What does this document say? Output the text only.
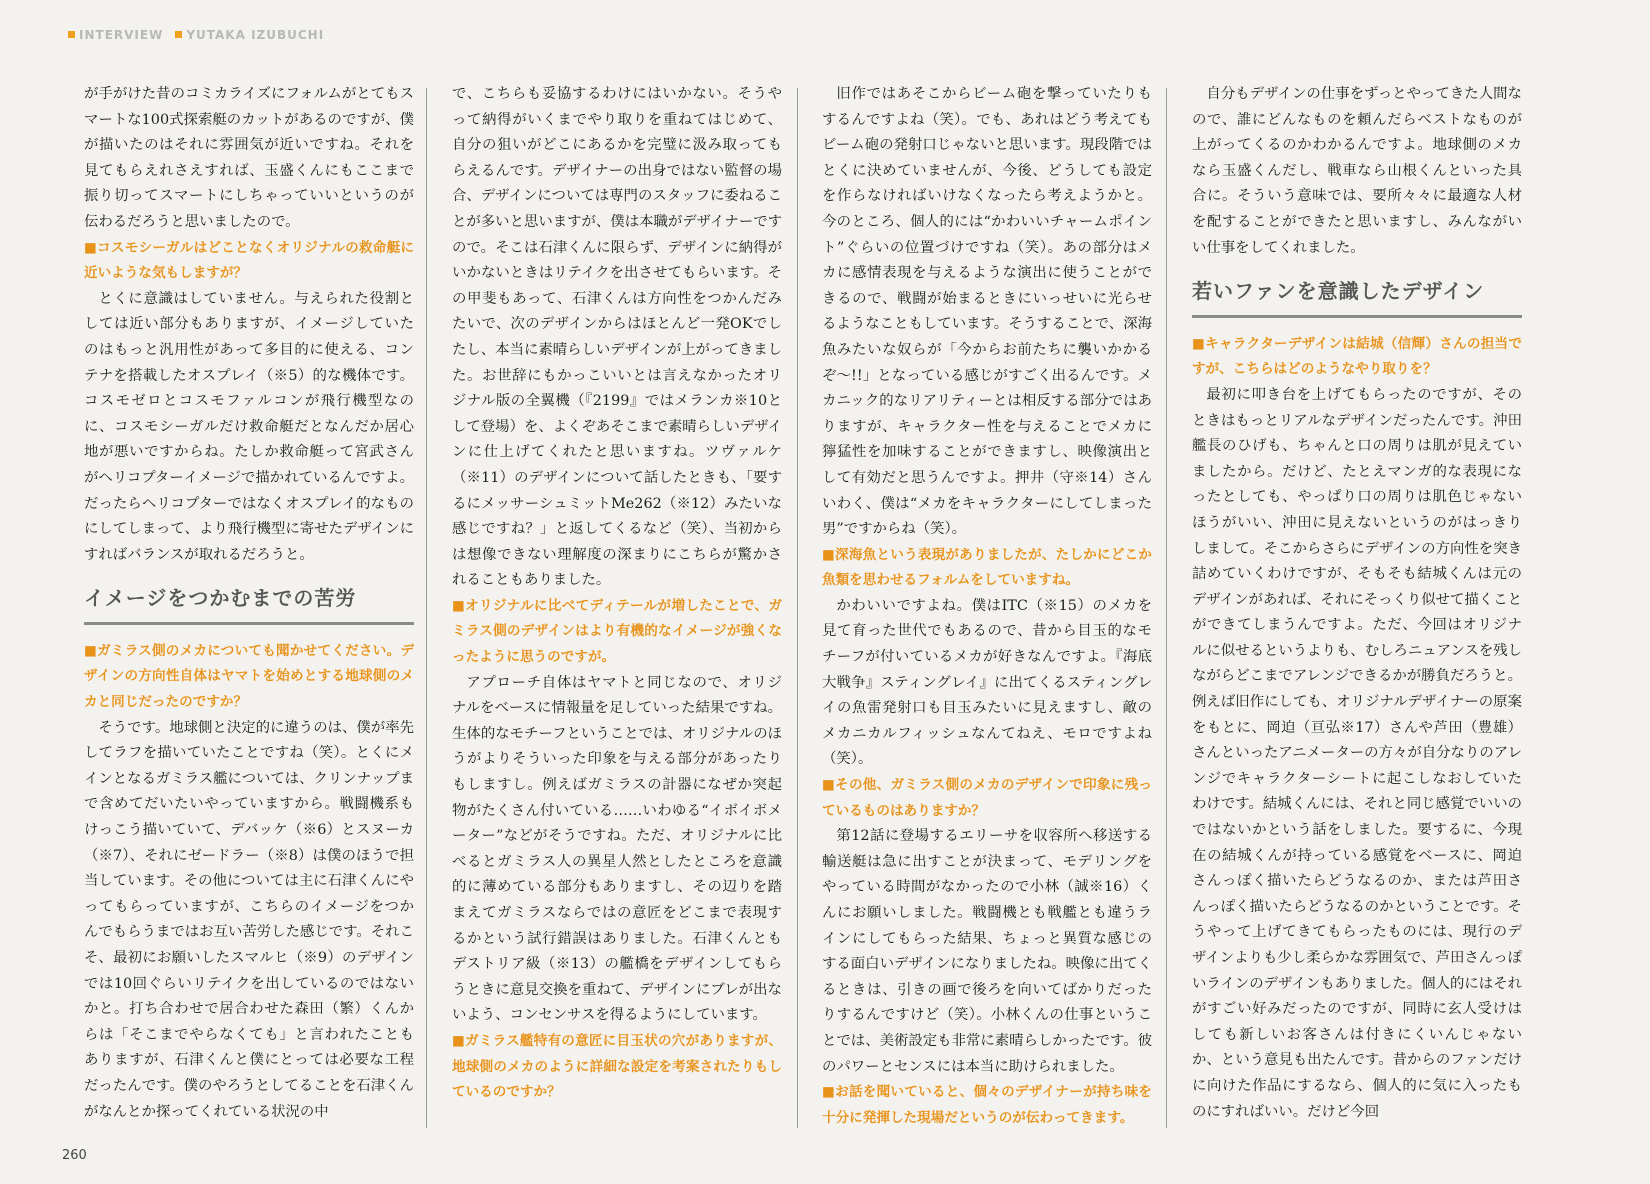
INTERVIEW YUTAKA IZUBUCHI

が手がけた昔のコミカライズにフォルムがとてもスマートな100式探索艇のカットがあるのですが、僕が描いたのはそれに雰囲気が近いですね。それを見てもらえれさえすれば、玉盛くんにもここまで振り切ってスマートにしちゃっていいというのが伝わるだろうと思いましたので。

■ コスモシーガルはどことなくオリジナルの救命艇に近いような気もしますが？

とくに意識はしていません。与えられた役割としては近い部分もありますが、イメージしていたのはもっと汎用性があって多目的に使える、コンテナを搭載したオスプレイ（※5）的な機体です。コスモゼロとコスモファルコンが飛行機型なのに、コスモシーガルだけ救命艇だとなんだか居心地が悪いですからね。たしか救命艇って宮武さんがヘリコプターイメージで描かれているんですよ。だったらヘリコプターではなくオスプレイ的なものにしてしまって、より飛行機型に寄せたデザインにすればバランスが取れるだろうと。

イメージをつかむまでの苦労

■ ガミラス側のメカについても聞かせてください。デザインの方向性自体はヤマトを始めとする地球側のメカと同じだったのですか？

そうです。地球側と決定的に違うのは、僕が率先してラフを描いていたことですね（笑）。とくにメインとなるガミラス艦については、クリンナップまで含めてだいたいやっていますから。戦闘機系もけっこう描いていて、デバッケ（※6）とスヌーカ（※7）、それにゼードラー（※8）は僕のほうで担当しています。その他については主に石津くんにやってもらっていますが、こちらのイメージをつかんでもらうまではお互い苦労した感じです。それこそ、最初にお願いしたスマルヒ（※9）のデザインでは10回ぐらいリテイクを出しているのではないかと。打ち合わせで居合わせた森田（繁）くんからは「そこまでやらなくても」と言われたこともありますが、石津くんと僕にとっては必要な工程だったんです。僕のやろうとしてることを石津くんがなんとか探ってくれている状況の中

で、こちらも妥協するわけにはいかない。そうやって納得がいくまでやり取りを重ねてはじめて、自分の狙いがどこにあるかを完璧に汲み取ってもらえるんです。デザイナーの出身ではない監督の場合、デザインについては専門のスタッフに委ねることが多いと思いますが、僕は本職がデザイナーですので。そこは石津くんに限らず、デザインに納得がいかないときはリテイクを出させてもらいます。その甲斐もあって、石津くんは方向性をつかんだみたいで、次のデザインからはほとんど一発OKでしたし、本当に素晴らしいデザインが上がってきました。お世辞にもかっこいいとは言えなかったオリジナル版の全翼機（『2199』ではメランカ※10として登場）を、よくぞあそこまで素晴らしいデザインに仕上げてくれたと思いますね。ツヴァルケ（※11）のデザインについて話したときも、「要するにメッサーシュミットMe262（※12）みたいな感じですね？」と返してくるなど（笑）、当初からは想像できない理解度の深まりにこちらが驚かされることもありました。

■ オリジナルに比べてディテールが増したことで、ガミラス側のデザインはより有機的なイメージが強くなったように思うのですが。

アプローチ自体はヤマトと同じなので、オリジナルをベースに情報量を足していった結果ですね。生体的なモチーフということでは、オリジナルのほうがよりそういった印象を与える部分があったりもしますし。例えばガミラスの計器になぜか突起物がたくさん付いている……いわゆる“イボイボメーター”などがそうですね。ただ、オリジナルに比べるとガミラス人の異星人然としたところを意識的に薄めている部分もありますし、その辺りを踏まえてガミラスならではの意匠をどこまで表現するかという試行錯誤はありました。石津くんともデストリア級（※13）の艦橋をデザインしてもらうときに意見交換を重ねて、デザインにブレが出ないよう、コンセンサスを得るようにしています。

■ ガミラス艦特有の意匠に目玉状の穴がありますが、地球側のメカのように詳細な設定を考案されたりもしているのですか？

旧作ではあそこからビーム砲を撃っていたりもするんですよね（笑）。でも、あれはどう考えてもビーム砲の発射口じゃないと思います。現段階ではとくに決めていませんが、今後、どうしても設定を作らなければいけなくなったら考えようかと。今のところ、個人的には“かわいいチャームポイント”ぐらいの位置づけですね（笑）。あの部分はメカに感情表現を与えるような演出に使うことができるので、戦闘が始まるときにいっせいに光らせるようなこともしています。そうすることで、深海魚みたいな奴らが「今からお前たちに襲いかかるぞ〜!!」となっている感じがすごく出るんです。メカニック的なリアリティーとは相反する部分ではありますが、キャラクター性を与えることでメカに獰猛性を加味することができますし、映像演出として有効だと思うんですよ。押井（守※14）さんいわく、僕は“メカをキャラクターにしてしまった男”ですからね（笑）。

■ 深海魚という表現がありましたが、たしかにどこか魚類を思わせるフォルムをしていますね。

かわいいですよね。僕はITC（※15）のメカを見て育った世代でもあるので、昔から目玉的なモチーフが付いているメカが好きなんですよ。『海底大戦争』スティングレイ』に出てくるスティングレイの魚雷発射口も目玉みたいに見えますし、敵のメカニカルフィッシュなんてねえ、モロですよね（笑）。

■ その他、ガミラス側のメカのデザインで印象に残っているものはありますか？

第12話に登場するエリーサを収容所へ移送する輸送艇は急に出すことが決まって、モデリングをやっている時間がなかったので小林（誠※16）くんにお願いしました。戦闘機とも戦艦とも違うラインにしてもらった結果、ちょっと異質な感じのする面白いデザインになりましたね。映像に出てくるときは、引きの画で後ろを向いてばかりだったりするんですけど（笑）。小林くんの仕事ということでは、美術設定も非常に素晴らしかったです。彼のパワーとセンスには本当に助けられました。

■ お話を聞いていると、個々のデザイナーが持ち味を十分に発揮した現場だというのが伝わってきます。

自分もデザインの仕事をずっとやってきた人間なので、誰にどんなものを頼んだらベストなものが上がってくるのかわかるんですよ。地球側のメカなら玉盛くんだし、戦車なら山根くんといった具合に。そういう意味では、要所々々に最適な人材を配することができたと思いますし、みんながいい仕事をしてくれました。

若いファンを意識したデザイン

■ キャラクターデザインは結城（信輝）さんの担当ですが、こちらはどのようなやり取りを？

最初に叩き台を上げてもらったのですが、そのときはもっとリアルなデザインだったんです。沖田艦長のひげも、ちゃんと口の周りは肌が見えていましたから。だけど、たとえマンガ的な表現になったとしても、やっぱり口の周りは肌色じゃないほうがいい、沖田に見えないというのがはっきりしまして。そこからさらにデザインの方向性を突き詰めていくわけですが、そもそも結城くんは元のデザインがあれば、それにそっくり似せて描くことができてしまうんですよ。ただ、今回はオリジナルに似せるというよりも、むしろニュアンスを残しながらどこまでアレンジできるかが勝負だろうと。例えば旧作にしても、オリジナルデザイナーの原案をもとに、岡迫（亘弘※17）さんや芦田（豊雄）さんといったアニメーターの方々が自分なりのアレンジでキャラクターシートに起こしなおしていたわけです。結城くんには、それと同じ感覚でいいのではないかという話をしました。要するに、今現在の結城くんが持っている感覚をベースに、岡迫さんっぽく描いたらどうなるのか、または芦田さんっぽく描いたらどうなるのかということです。そうやって上げてきてもらったものには、現行のデザインよりも少し柔らかな雰囲気で、芦田さんっぽいラインのデザインもありました。個人的にはそれがすごい好みだったのですが、同時に玄人受けはしても新しいお客さんは付きにくいんじゃないか、という意見も出たんです。昔からのファンだけに向けた作品にするなら、個人的に気に入ったものにすればいい。だけど今回

260
